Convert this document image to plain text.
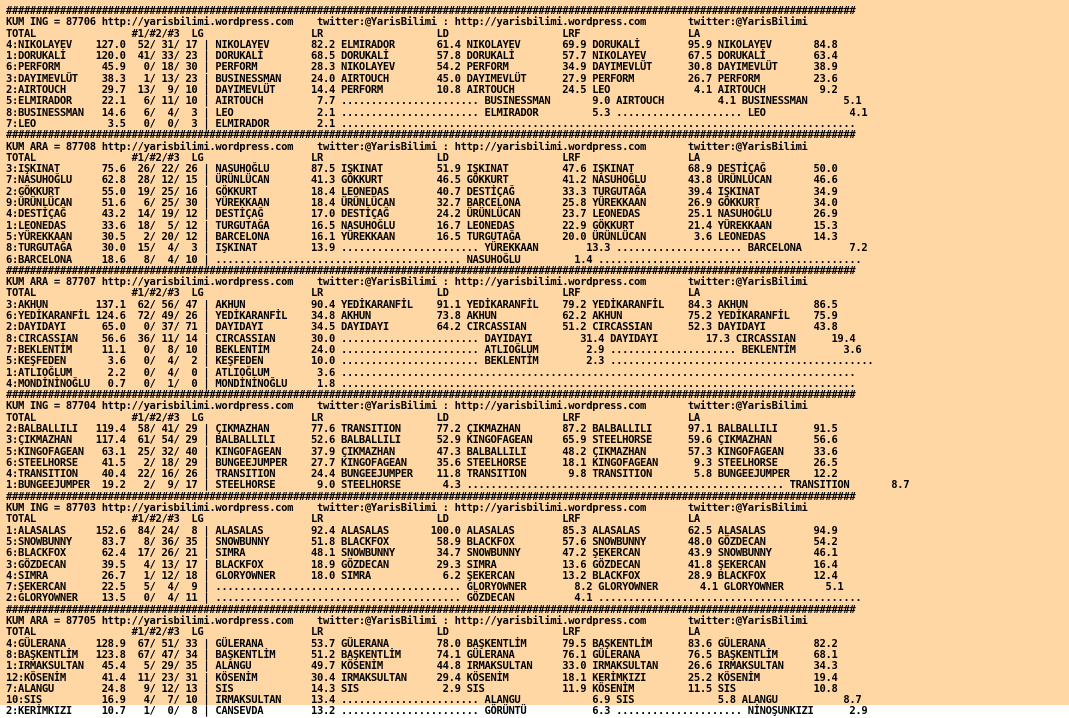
##############################################################################################################################################
KUM ING = 87706 http://yarisbilimi.wordpress.com    twitter:@YarisBilimi : http://yarisbilimi.wordpress.com       twitter:@YarisBilimi
TOTAL                #1/#2/#3  LG                  LR                   LD                   LRF                  LA
4:NIKOLAYEV    127.0  52/ 31/ 17 | NIKOLAYEV       82.2 ELMIRADOR       61.4 NIKOLAYEV       69.9 DORUKALİ        95.9 NIKOLAYEV       84.8
1:DORUKALİ     120.0  41/ 33/ 23 | DORUKALİ        68.5 DORUKALİ        57.8 DORUKALİ        57.7 NIKOLAYEV       67.5 DORUKALİ        63.4
6:PERFORM       45.9   0/ 18/ 30 | PERFORM         28.3 NIKOLAYEV       54.2 PERFORM         34.9 DAYIMEVLÜT      30.8 DAYIMEVLÜT      38.9
3:DAYIMEVLÜT    38.3   1/ 13/ 23 | BUSINESSMAN     24.0 AIRTOUCH        45.0 DAYIMEVLÜT      27.9 PERFORM         26.7 PERFORM         23.6
2:AIRTOUCH      29.7  13/  9/ 10 | DAYIMEVLÜT      14.4 PERFORM         10.8 AIRTOUCH        24.5 LEO              4.1 AIRTOUCH         9.2
5:ELMIRADOR     22.1   6/ 11/ 10 | AIRTOUCH         7.7 ....................... BUSINESSMAN       9.0 AIRTOUCH         4.1 BUSINESSMAN      5.1
8:BUSINESSMAN   14.6   6/  4/  3 | LEO              2.1 ....................... ELMIRADOR         5.3 ..................... LEO              4.1
7:LEO            3.5   0/  0/  3 | ELMIRADOR        2.1 ......................................................................................
##############################################################################################################################################
KUM ARA = 87708 http://yarisbilimi.wordpress.com    twitter:@YarisBilimi : http://yarisbilimi.wordpress.com       twitter:@YarisBilimi
TOTAL                #1/#2/#3  LG                  LR                   LD                   LRF                  LA
3:IŞKINAT       75.6  26/ 22/ 26 | NASUHOĞLU       87.5 IŞKINAT         51.9 IŞKINAT         47.6 IŞKINAT         68.9 DESTİÇAĞ        50.0
7:NASUHOĞLU     62.8  28/ 12/ 15 | ÜRÜNLÜCAN       41.3 GÖKKURT         46.5 GÖKKURT         41.2 NASUHOĞLU       43.8 ÜRÜNLÜCAN       46.6
2:GÖKKURT       55.0  19/ 25/ 16 | GÖKKURT         18.4 LEONEDAS        40.7 DESTİÇAĞ        33.3 TURGUTAĞA       39.4 IŞKINAT         34.9
9:ÜRÜNLÜCAN     51.6   6/ 25/ 30 | YÜREKKAAN       18.4 ÜRÜNLÜCAN       32.7 BARCELONA       25.8 YÜREKKAAN       26.9 GÖKKURT         34.0
4:DESTİÇAĞ      43.2  14/ 19/ 12 | DESTİÇAĞ        17.0 DESTİÇAĞ        24.2 ÜRÜNLÜCAN       23.7 LEONEDAS        25.1 NASUHOĞLU       26.9
1:LEONEDAS      33.6  18/  5/ 12 | TURGUTAĞA       16.5 NASUHOĞLU       16.7 LEONEDAS        22.9 GÖKKURT         21.4 YÜREKKAAN       15.3
5:YÜREKKAAN     30.5   2/ 20/ 12 | BARCELONA       16.1 YÜREKKAAN       16.5 TURGUTAĞA       20.0 ÜRÜNLÜCAN        3.6 LEONEDAS        14.3
8:TURGUTAĞA     30.0  15/  4/  3 | IŞKINAT         13.9 ....................... YÜREKKAAN        13.3 ..................... BARCELONA        7.2
6:BARCELONA     18.6   8/  4/ 10 | ......................................... NASUHOĞLU         1.4 ............................................
##############################################################################################################################################
KUM ARA = 87707 http://yarisbilimi.wordpress.com    twitter:@YarisBilimi : http://yarisbilimi.wordpress.com       twitter:@YarisBilimi
TOTAL                #1/#2/#3  LG                  LR                   LD                   LRF                  LA
3:AKHUN        137.1  62/ 56/ 47 | AKHUN           90.4 YEDİKARANFİL    91.1 YEDİKARANFİL    79.2 YEDİKARANFİL    84.3 AKHUN           86.5
6:YEDİKARANFİL 124.6  72/ 49/ 26 | YEDİKARANFİL    34.8 AKHUN           73.8 AKHUN           62.2 AKHUN           75.2 YEDİKARANFİL    75.9
2:DAYIDAYI      65.0   0/ 37/ 71 | DAYIDAYI        34.5 DAYIDAYI        64.2 CIRCASSIAN      51.2 CIRCASSIAN      52.3 DAYIDAYI        43.8
8:CIRCASSIAN    56.6  36/ 11/ 14 | CIRCASSIAN      30.0 ....................... DAYIDAYI        31.4 DAYIDAYI        17.3 CIRCASSIAN      19.4
7:BEKLENTİM     11.1   0/  8/ 10 | BEKLENTİM       24.0 ....................... ATLIOĞLUM        2.9 ..................... BEKLENTİM        3.6
5:KEŞFEDEN       3.6   0/  4/  2 | KEŞFEDEN        10.0 ....................... BEKLENTİM        2.3 ............................................
1:ATLIOĞLUM      2.2   0/  4/  0 | ATLIOĞLUM        3.6 ......................................................................................
4:MONDİNİNOĞLU   0.7   0/  1/  0 | MONDİNİNOĞLU     1.8 ......................................................................................
##############################################################################################################################################
KUM ING = 87704 http://yarisbilimi.wordpress.com    twitter:@YarisBilimi : http://yarisbilimi.wordpress.com       twitter:@YarisBilimi
TOTAL                #1/#2/#3  LG                  LR                   LD                   LRF                  LA
2:BALBALLILI   119.4  58/ 41/ 29 | ÇIKMAZHAN       77.6 TRANSITION      77.2 ÇIKMAZHAN       87.2 BALBALLILI      97.1 BALBALLILI      91.5
3:ÇIKMAZHAN    117.4  61/ 54/ 29 | BALBALLILI      52.6 BALBALLILI      52.9 KINGOFAGEAN     65.9 STEELHORSE      59.6 ÇIKMAZHAN       56.6
5:KINGOFAGEAN   63.1  25/ 32/ 40 | KINGOFAGEAN     37.9 ÇIKMAZHAN       47.3 BALBALLILI      48.2 ÇIKMAZHAN       57.3 KINGOFAGEAN     33.6
6:STEELHORSE    41.5   2/ 18/ 29 | BUNGEEJUMPER    27.7 KINGOFAGEAN     35.6 STEELHORSE      18.1 KINGOFAGEAN      9.3 STEELHORSE      26.5
4:TRANSITION    40.4  22/ 16/ 26 | TRANSITION      24.4 BUNGEEJUMPER    11.8 TRANSITION       9.8 TRANSITION       5.8 BUNGEEJUMPER    12.2
1:BUNGEEJUMPER  19.2   2/  9/ 17 | STEELHORSE       9.0 STEELHORSE       4.3 ..................................................... TRANSITION       8.7
##############################################################################################################################################
KUM ING = 87703 http://yarisbilimi.wordpress.com    twitter:@YarisBilimi : http://yarisbilimi.wordpress.com       twitter:@YarisBilimi
TOTAL                #1/#2/#3  LG                  LR                   LD                   LRF                  LA
1:ALASALAS     152.6  84/ 24/  8 | ALASALAS        92.4 ALASALAS       100.0 ALASALAS        85.3 ALASALAS        62.5 ALASALAS        94.9
5:SNOWBUNNY     83.7   8/ 36/ 35 | SNOWBUNNY       51.8 BLACKFOX        58.9 BLACKFOX        57.6 SNOWBUNNY       48.0 GÖZDECAN        54.2
6:BLACKFOX      62.4  17/ 26/ 21 | SIMRA           48.1 SNOWBUNNY       34.7 SNOWBUNNY       47.2 ŞEKERCAN        43.9 SNOWBUNNY       46.1
3:GÖZDECAN      39.5   4/ 13/ 17 | BLACKFOX        18.9 GÖZDECAN        29.3 SIMRA           13.6 GÖZDECAN        41.8 ŞEKERCAN        16.4
4:SIMRA         26.7   1/ 12/ 18 | GLORYOWNER      18.0 SIMRA            6.2 ŞEKERCAN        13.2 BLACKFOX        28.9 BLACKFOX        12.4
7:ŞEKERCAN      22.5   5/  4/  9 | ......................................... GLORYOWNER        8.2 GLORYOWNER       4.1 GLORYOWNER       5.1
2:GLORYOWNER    13.5   0/  4/ 11 | ......................................... GÖZDECAN          4.1 ............................................
##############################################################################################################################################
KUM ARA = 87705 http://yarisbilimi.wordpress.com    twitter:@YarisBilimi : http://yarisbilimi.wordpress.com       twitter:@YarisBilimi
TOTAL                #1/#2/#3  LG                  LR                   LD                   LRF                  LA
4:GÜLERANA     128.9  67/ 51/ 33 | GÜLERANA        53.7 GÜLERANA        78.0 BAŞKENTLİM      79.5 BAŞKENTLİM      83.6 GÜLERANA        82.2
8:BAŞKENTLİM   123.8  67/ 47/ 34 | BAŞKENTLİM      51.2 BAŞKENTLİM      74.1 GÜLERANA        76.1 GÜLERANA        76.5 BAŞKENTLİM      68.1
1:IRMAKSULTAN   45.4   5/ 29/ 35 | ALANGU          49.7 KÖSENİM         44.8 IRMAKSULTAN     33.0 IRMAKSULTAN     26.6 IRMAKSULTAN     34.3
12:KÖSENİM      41.4  11/ 23/ 31 | KÖSENİM         30.4 IRMAKSULTAN     29.4 KÖSENİM         18.1 KERİMKIZI       25.2 KÖSENİM         19.4
7:ALANGU        24.8   9/ 12/ 13 | SIS             14.3 SIS              2.9 SIS             11.9 KÖSENİM         11.5 SIS             10.8
10:SIS          16.9   4/  7/ 10 | IRMAKSULTAN     13.4 ....................... ALANGU            6.9 SIS              5.8 ALANGU           8.7
2:KERİMKIZI     10.7   1/  0/  8 | CANSEVDA        13.2 ....................... GÖRÜNTÜ           6.3 ..................... NİNOŞUNKIZI      2.9
